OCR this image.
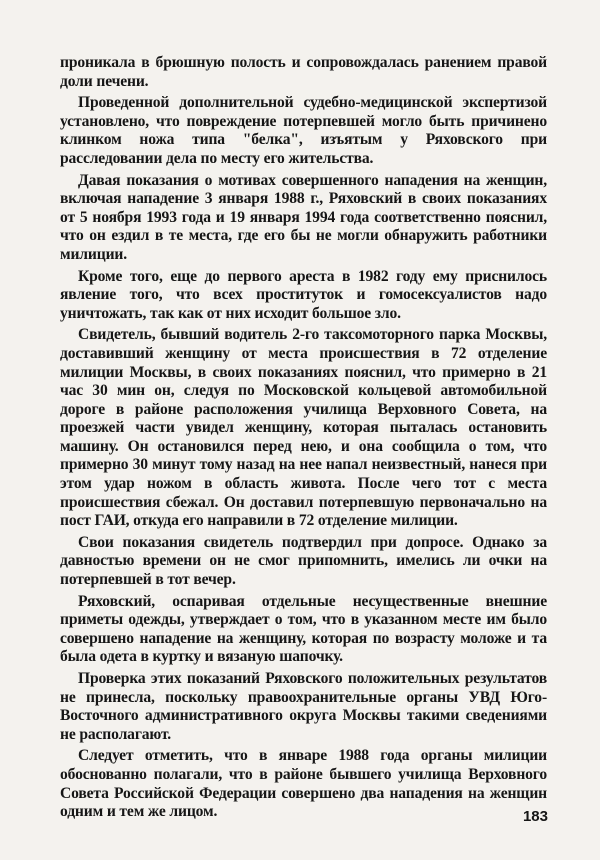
проникала в брюшную полость и сопровождалась ранением правой доли печени.

Проведенной дополнительной судебно-медицинской экспертизой установлено, что повреждение потерпевшей могло быть причинено клинком ножа типа "белка", изъятым у Ряховского при расследовании дела по месту его жительства.

Давая показания о мотивах совершенного нападения на женщин, включая нападение 3 января 1988 г., Ряховский в своих показаниях от 5 ноября 1993 года и 19 января 1994 года соответственно пояснил, что он ездил в те места, где его бы не могли обнаружить работники милиции.

Кроме того, еще до первого ареста в 1982 году ему приснилось явление того, что всех проституток и гомосексуалистов надо уничтожать, так как от них исходит большое зло.

Свидетель, бывший водитель 2-го таксомоторного парка Москвы, доставивший женщину от места происшествия в 72 отделение милиции Москвы, в своих показаниях пояснил, что примерно в 21 час 30 мин он, следуя по Московской кольцевой автомобильной дороге в районе расположения училища Верховного Совета, на проезжей части увидел женщину, которая пыталась остановить машину. Он остановился перед нею, и она сообщила о том, что примерно 30 минут тому назад на нее напал неизвестный, нанеся при этом удар ножом в область живота. После чего тот с места происшествия сбежал. Он доставил потерпевшую первоначально на пост ГАИ, откуда его направили в 72 отделение милиции.

Свои показания свидетель подтвердил при допросе. Однако за давностью времени он не смог припомнить, имелись ли очки на потерпевшей в тот вечер.

Ряховский, оспаривая отдельные несущественные внешние приметы одежды, утверждает о том, что в указанном месте им было совершено нападение на женщину, которая по возрасту моложе и та была одета в куртку и вязаную шапочку.

Проверка этих показаний Ряховского положительных результатов не принесла, поскольку правоохранительные органы УВД Юго-Восточного административного округа Москвы такими сведениями не располагают.

Следует отметить, что в январе 1988 года органы милиции обоснованно полагали, что в районе бывшего училища Верховного Совета Российской Федерации совершено два нападения на женщин одним и тем же лицом.	183
